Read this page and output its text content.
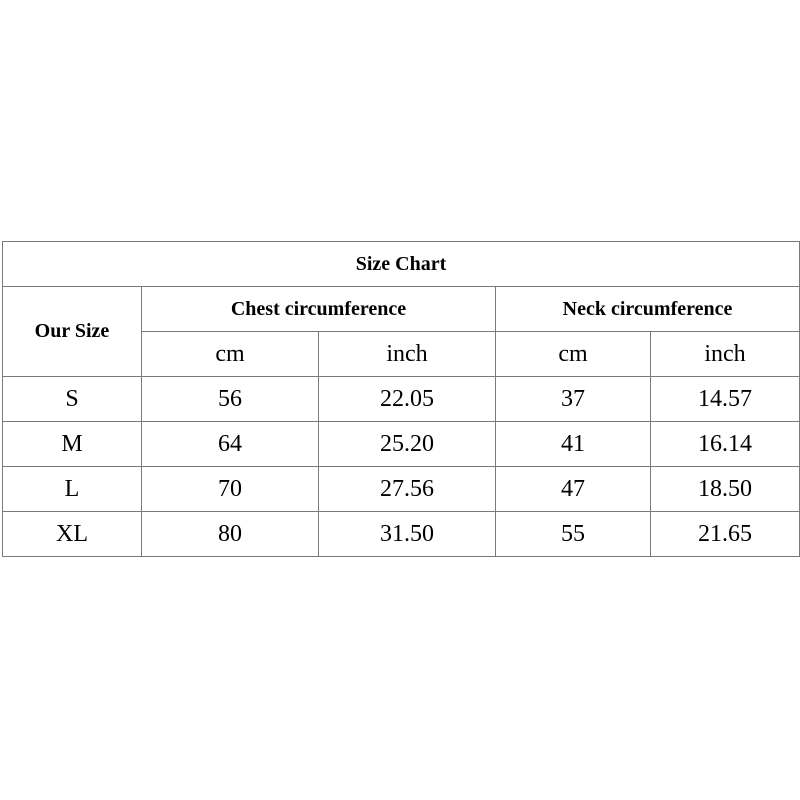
Size Chart				
Our Size	Chest circumference		Neck circumference	
	cm	inch	cm	inch
S	56	22.05	37	14.57
M	64	25.20	41	16.14
L	70	27.56	47	18.50
XL	80	31.50	55	21.65
